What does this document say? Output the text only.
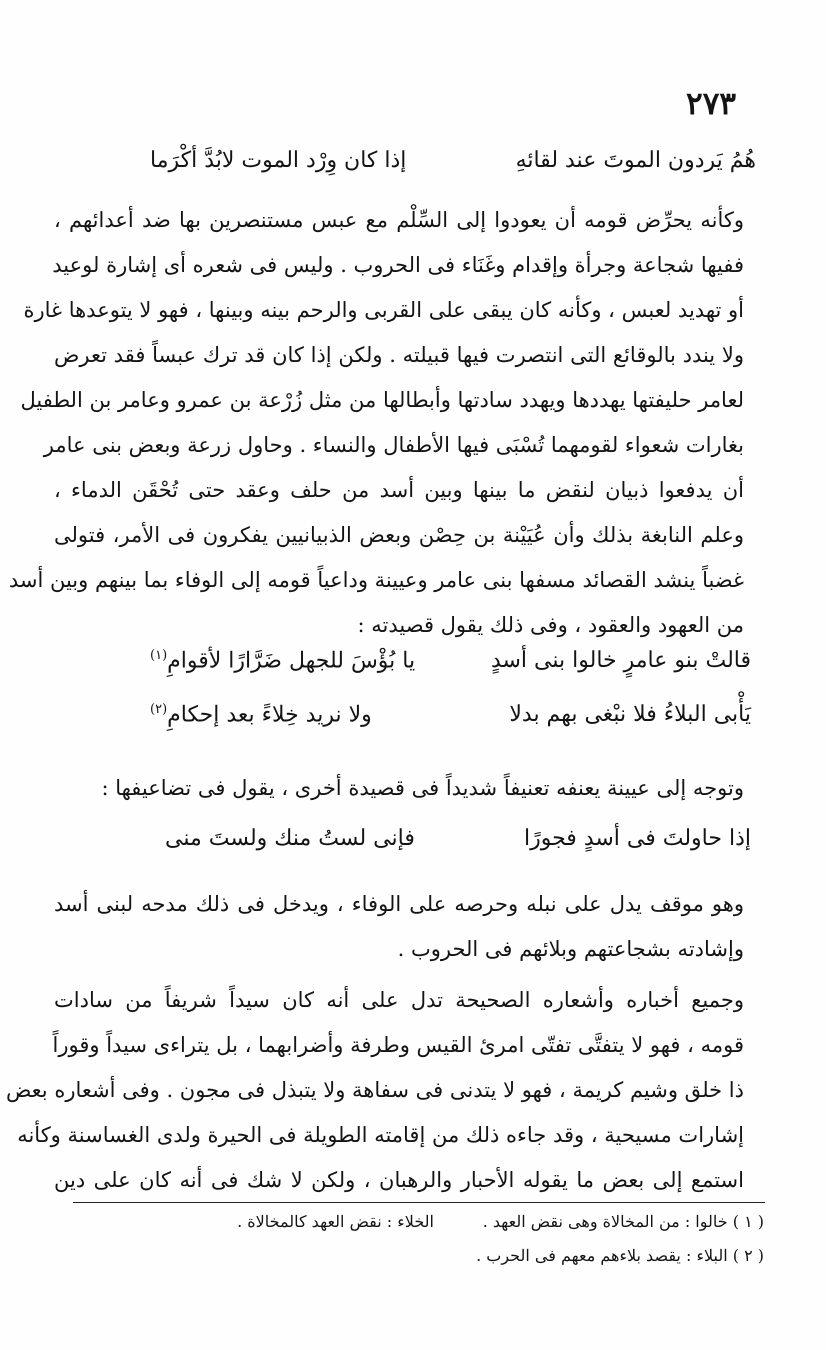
٢٧٣
هُمُ يَردون الموتَ عند لقائهِ
إذا كان وِرْد الموت لابُدَّ أكْرَما
وكأنه يحرِّض قومه أن يعودوا إلى السِّلْم مع عبس مستنصرين بها ضد أعدائهم ،
ففيها شجاعة وجرأة وإقدام وغَنَاء فى الحروب . وليس فى شعره أى إشارة لوعيد
أو تهديد لعبس ، وكأنه كان يبقى على القربى والرحم بينه وبينها ، فهو لا يتوعدها غارة
ولا يندد بالوقائع التى انتصرت فيها قبيلته . ولكن إذا كان قد ترك عبساً فقد تعرض
لعامر حليفتها يهددها ويهدد سادتها وأبطالها من مثل زُرْعة بن عمرو وعامر بن الطفيل
بغارات شعواء لقومهما تُسْبَى فيها الأطفال والنساء . وحاول زرعة وبعض بنى عامر
أن يدفعوا ذبيان لنقض ما بينها وبين أسد من حلف وعقد حتى تُحْقَن الدماء ،
وعلم النابغة بذلك وأن عُيَيْنة بن حِصْن وبعض الذبيانيين يفكرون فى الأمر، فتولى
غضباً ينشد القصائد مسفها بنى عامر وعيينة وداعياً قومه إلى الوفاء بما بينهم وبين أسد
من العهود والعقود ، وفى ذلك يقول قصيدته :
قالتْ بنو عامرٍ خالوا بنى أسدٍ
يا بُؤْسَ للجهل ضَرَّارًا لأقوامِ$^{(١)}$
يَأْبى البلاءُ فلا نبْغى بهم بدلا
ولا نريد خِلاءً بعد إحكامِ$^{(٢)}$
وتوجه إلى عيينة يعنفه تعنيفاً شديداً فى قصيدة أخرى ، يقول فى تضاعيفها :
إذا حاولتَ فى أسدٍ فجورًا
فإنى لستُ منك ولستَ منى
وهو موقف يدل على نبله وحرصه على الوفاء ، ويدخل فى ذلك مدحه لبنى أسد
وإشادته بشجاعتهم وبلائهم فى الحروب .
وجميع أخباره وأشعاره الصحيحة تدل على أنه كان سيداً شريفاً من سادات
قومه ، فهو لا يتفتَّى تفتّى امرئ القيس وطرفة وأضرابهما ، بل يتراءى سيداً وقوراً
ذا خلق وشيم كريمة ، فهو لا يتدنى فى سفاهة ولا يتبذل فى مجون . وفى أشعاره بعض
إشارات مسيحية ، وقد جاءه ذلك من إقامته الطويلة فى الحيرة ولدى الغساسنة وكأنه
استمع إلى بعض ما يقوله الأحبار والرهبان ، ولكن لا شك فى أنه كان على دين
( ١ ) خالوا : من المخالاة وهى نقض العهد .
الخلاء : نقض العهد كالمخالاة .
( ٢ ) البلاء : يقصد بلاءهم معهم فى الحرب .
